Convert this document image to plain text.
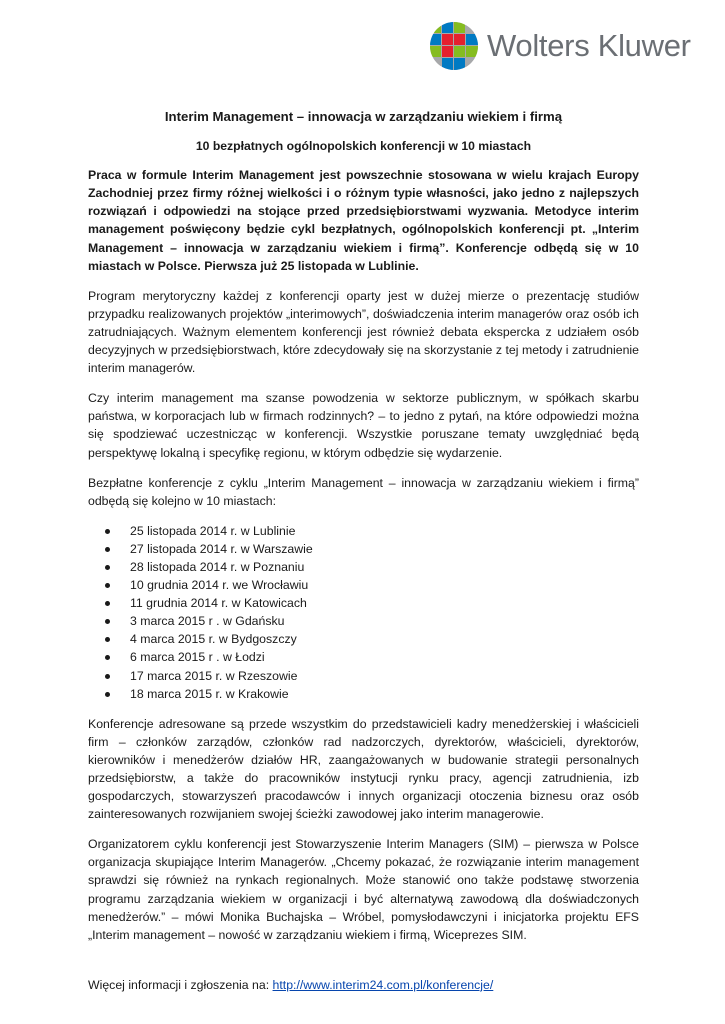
Wolters Kluwer
Interim Management – innowacja w zarządzaniu wiekiem i firmą
10 bezpłatnych ogólnopolskich konferencji w 10 miastach

Praca w formule Interim Management jest powszechnie stosowana w wielu krajach Europy Zachodniej przez firmy różnej wielkości i o różnym typie własności, jako jedno z najlepszych rozwiązań i odpowiedzi na stojące przed przedsiębiorstwami wyzwania. Metodyce interim management poświęcony będzie cykl bezpłatnych, ogólnopolskich konferencji pt. „Interim Management – innowacja w zarządzaniu wiekiem i firmą”. Konferencje odbędą się w 10 miastach w Polsce. Pierwsza już 25 listopada w Lublinie.

Program merytoryczny każdej z konferencji oparty jest w dużej mierze o prezentację studiów przypadku realizowanych projektów „interimowych”, doświadczenia interim managerów oraz osób ich zatrudniających. Ważnym elementem konferencji jest również debata ekspercka z udziałem osób decyzyjnych w przedsiębiorstwach, które zdecydowały się na skorzystanie z tej metody i zatrudnienie interim managerów.

Czy interim management ma szanse powodzenia w sektorze publicznym, w spółkach skarbu państwa, w korporacjach lub w firmach rodzinnych? – to jedno z pytań, na które odpowiedzi można się spodziewać uczestnicząc w konferencji. Wszystkie poruszane tematy uwzględniać będą perspektywę lokalną i specyfikę regionu, w którym odbędzie się wydarzenie.

Bezpłatne konferencje z cyklu „Interim Management – innowacja w zarządzaniu wiekiem i firmą” odbędą się kolejno w 10 miastach:

25 listopada 2014 r. w Lublinie
27 listopada 2014 r. w Warszawie
28 listopada 2014 r. w Poznaniu
10 grudnia 2014 r. we Wrocławiu
11 grudnia 2014 r. w Katowicach
3 marca 2015 r . w Gdańsku
4 marca 2015 r. w Bydgoszczy
6 marca 2015 r . w Łodzi
17 marca 2015 r. w Rzeszowie
18 marca 2015 r. w Krakowie

Konferencje adresowane są przede wszystkim do przedstawicieli kadry menedżerskiej i właścicieli firm – członków zarządów, członków rad nadzorczych, dyrektorów, właścicieli, dyrektorów, kierowników i menedżerów działów HR, zaangażowanych w budowanie strategii personalnych przedsiębiorstw, a także do pracowników instytucji rynku pracy, agencji zatrudnienia, izb gospodarczych, stowarzyszeń pracodawców i innych organizacji otoczenia biznesu oraz osób zainteresowanych rozwijaniem swojej ścieżki zawodowej jako interim managerowie.

Organizatorem cyklu konferencji jest Stowarzyszenie Interim Managers (SIM) – pierwsza w Polsce organizacja skupiające Interim Managerów. „Chcemy pokazać, że rozwiązanie interim management sprawdzi się również na rynkach regionalnych. Może stanowić ono także podstawę stworzenia programu zarządzania wiekiem w organizacji i być alternatywą zawodową dla doświadczonych menedżerów.” – mówi Monika Buchajska – Wróbel, pomysłodawczyni i inicjatorka projektu EFS „Interim management – nowość w zarządzaniu wiekiem i firmą, Wiceprezes SIM.

Więcej informacji i zgłoszenia na: http://www.interim24.com.pl/konferencje/
